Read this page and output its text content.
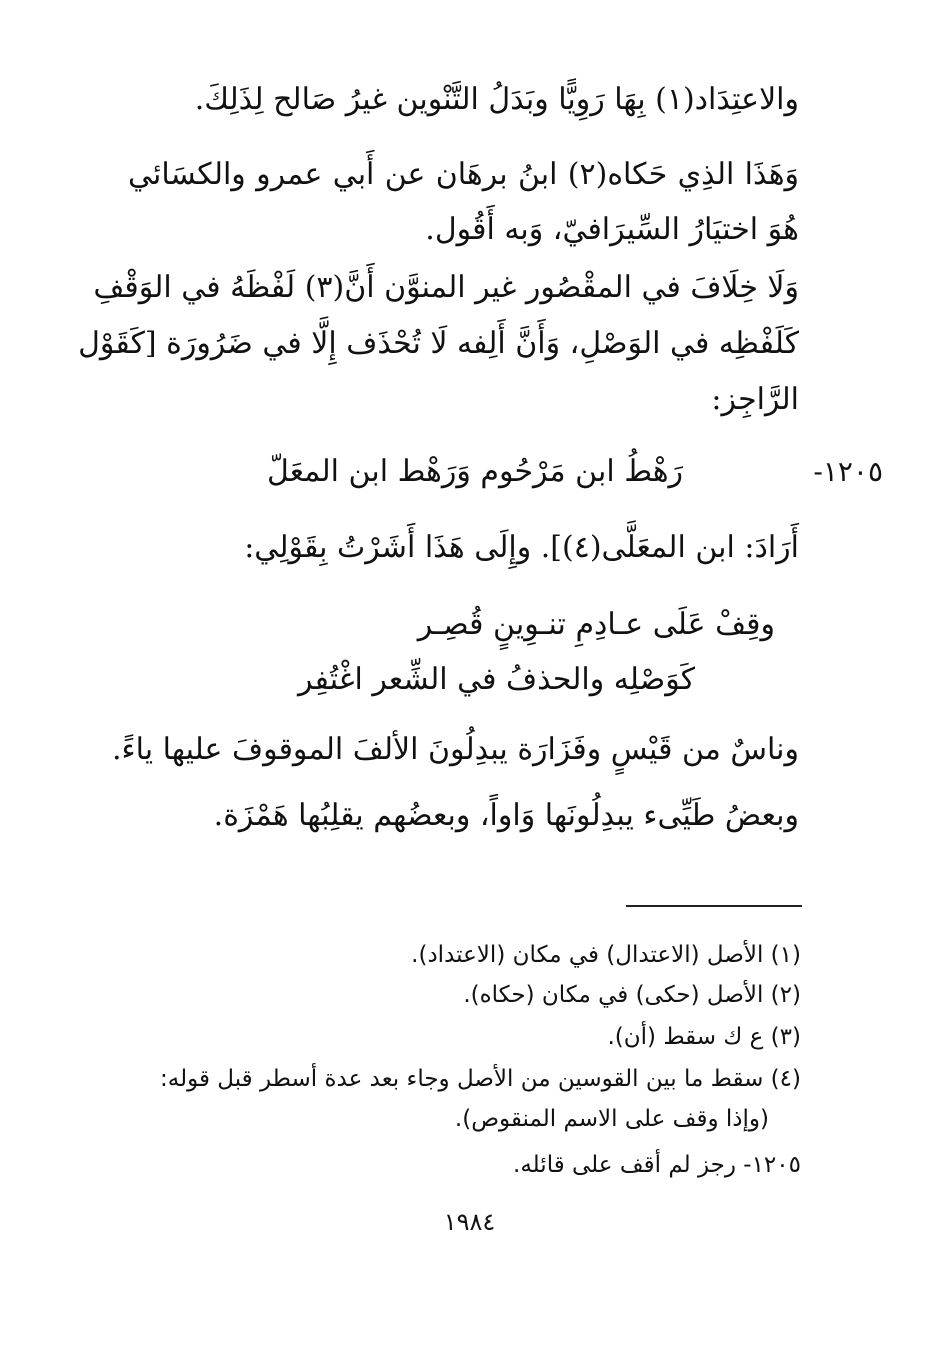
والاعتِدَاد(١) بِهَا رَوِيًّا وبَدَلُ التَّنْوين غيرُ صَالح لِذَلِكَ.
وَهَذَا الذِي حَكاه(٢) ابنُ برهَان عن أَبي عمرو والكسَائي
هُوَ اختيَارُ السِّيرَافيّ، وَبه أَقُول.
وَلَا خِلَافَ في المقْصُور غير المنوَّن أَنَّ(٣) لَفْظَهُ في الوَقْفِ
كَلَفْظِه في الوَصْلِ، وَأَنَّ أَلِفه لَا تُحْذَف إِلَّا في ضَرُورَة [كَقَوْل
الرَّاجِز:
١٢٠٥-
رَهْطُ ابن مَرْحُوم وَرَهْط ابن المعَلّ
أَرَادَ: ابن المعَلَّى(٤)]. وإِلَى هَذَا أَشَرْتُ بِقَوْلِي:
وقِفْ عَلَى عـادِمِ تنـوِينٍ قُصِـر
كَوَصْلِه والحذفُ في الشِّعر اغْتُفِر
وناسٌ من قَيْسٍ وفَزَارَة يبدِلُونَ الألفَ الموقوفَ عليها ياءً.
وبعضُ طَيِّىء يبدِلُونَها وَاواً، وبعضُهم يقلِبُها هَمْزَة.
(١) الأصل (الاعتدال) في مكان (الاعتداد).
(٢) الأصل (حكى) في مكان (حكاه).
(٣) ع ك سقط (أن).
(٤) سقط ما بين القوسين من الأصل وجاء بعد عدة أسطر قبل قوله:
(وإذا وقف على الاسم المنقوص).
١٢٠٥- رجز لم أقف على قائله.
١٩٨٤
